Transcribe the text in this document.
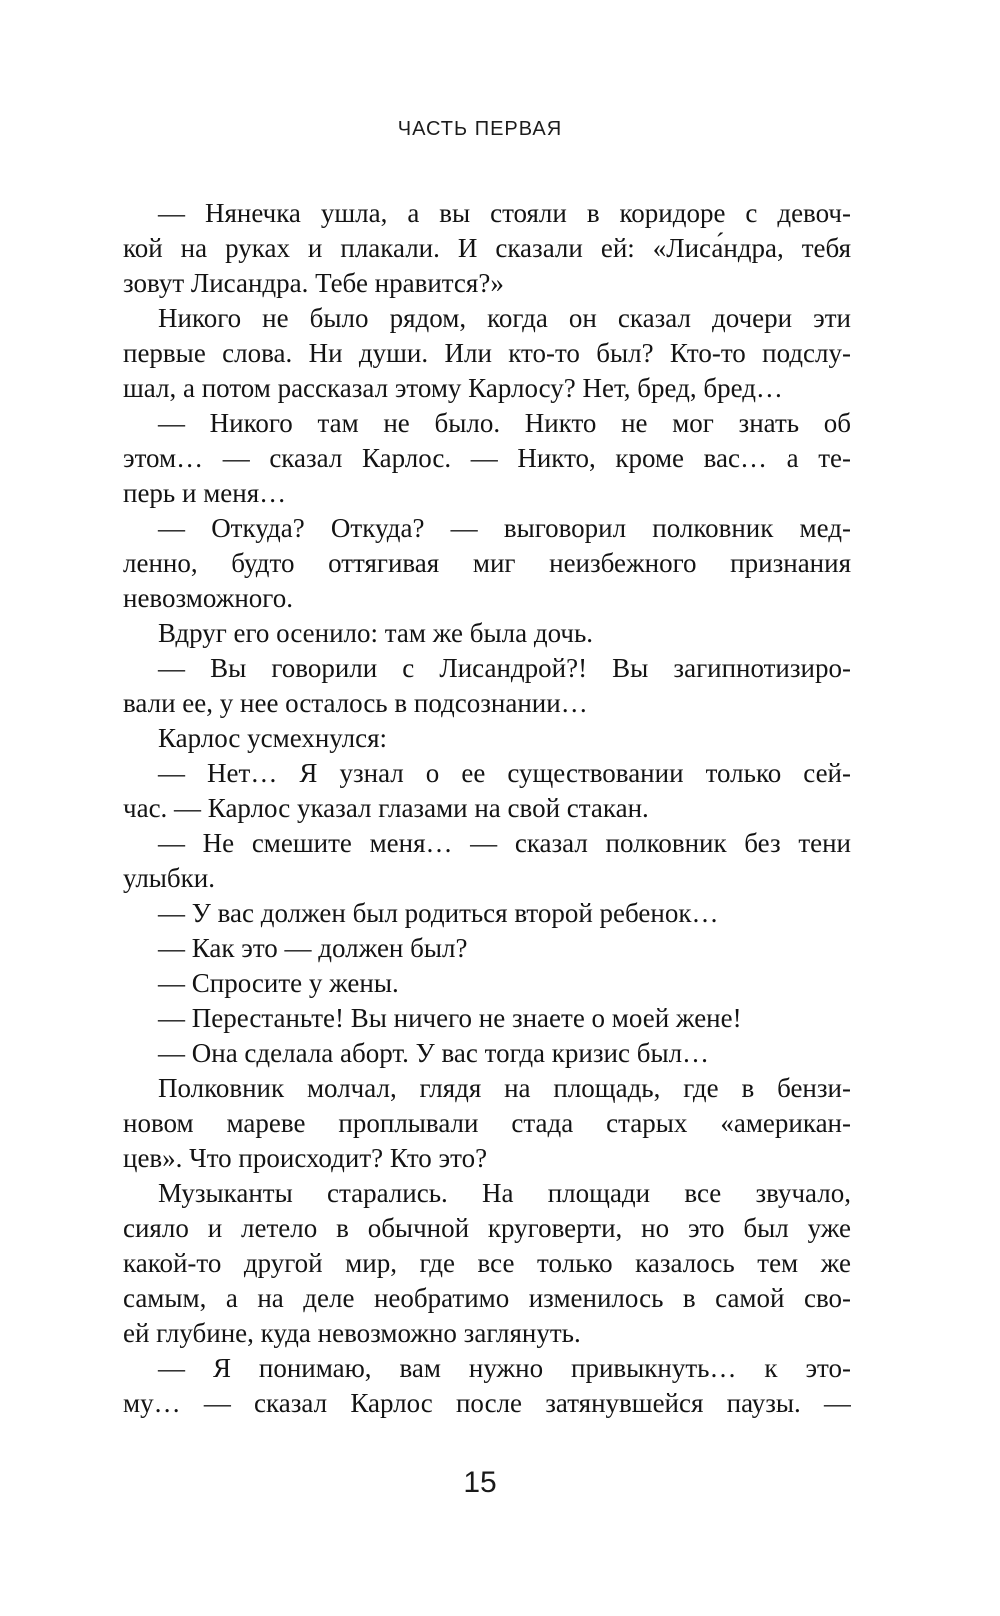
ЧАСТЬ ПЕРВАЯ

— Нянечка ушла, а вы стояли в коридоре с девоч-
кой на руках и плакали. И сказали ей: «Лиса́ндра, тебя
зовут Лисандра. Тебе нравится?»

Никого не было рядом, когда он сказал дочери эти
первые слова. Ни души. Или кто-то был? Кто-то подслу-
шал, а потом рассказал этому Карлосу? Нет, бред, бред…

— Никого там не было. Никто не мог знать об
этом… — сказал Карлос. — Никто, кроме вас… а те-
перь и меня…

— Откуда? Откуда? — выговорил полковник мед-
ленно, будто оттягивая миг неизбежного признания
невозможного.

Вдруг его осенило: там же была дочь.

— Вы говорили с Лисандрой?! Вы загипнотизиро-
вали ее, у нее осталось в подсознании…

Карлос усмехнулся:

— Нет… Я узнал о ее существовании только сей-
час. — Карлос указал глазами на свой стакан.

— Не смешите меня… — сказал полковник без тени
улыбки.

— У вас должен был родиться второй ребенок…

— Как это — должен был?

— Спросите у жены.

— Перестаньте! Вы ничего не знаете о моей жене!

— Она сделала аборт. У вас тогда кризис был…

Полковник молчал, глядя на площадь, где в бензи-
новом мареве проплывали стада старых «американ-
цев». Что происходит? Кто это?

Музыканты старались. На площади все звучало,
сияло и летело в обычной круговерти, но это был уже
какой-то другой мир, где все только казалось тем же
самым, а на деле необратимо изменилось в самой сво-
ей глубине, куда невозможно заглянуть.

— Я понимаю, вам нужно привыкнуть… к это-
му… — сказал Карлос после затянувшейся паузы. —

15
